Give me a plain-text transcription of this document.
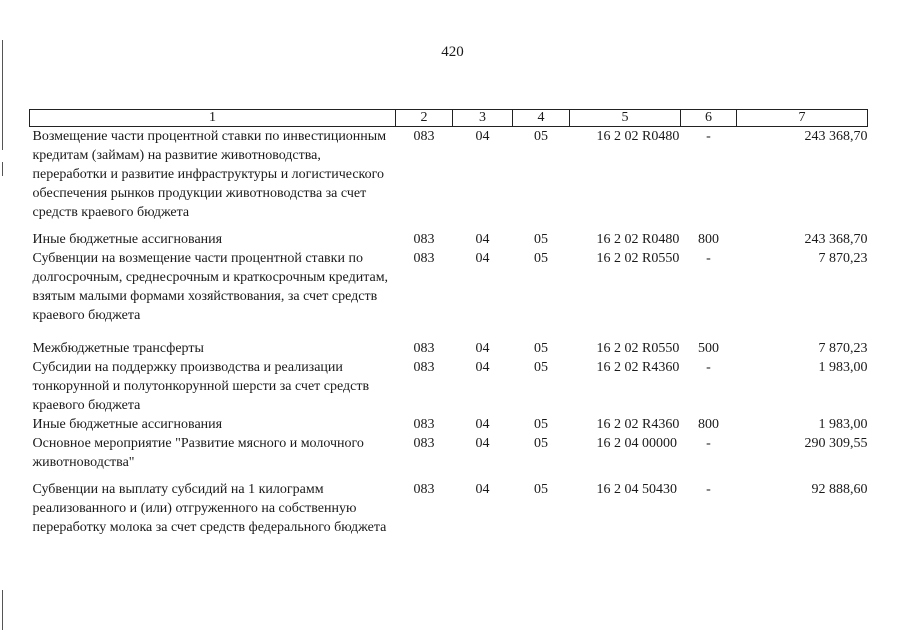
420
1	2	3	4	5	6	7
Возмещение части процентной ставки по инвестиционным кредитам (займам) на развитие животноводства, переработки и развитие инфраструктуры и логистического обеспечения рынков продукции животноводства за счет средств краевого бюджета	083	04	05	16 2 02 R0480	-	243 368,70

Иные бюджетные ассигнования	083	04	05	16 2 02 R0480	800	243 368,70
Субвенции на возмещение части процентной ставки по долгосрочным, среднесрочным и краткосрочным кредитам, взятым малыми формами хозяйствования, за счет средств краевого бюджета	083	04	05	16 2 02 R0550	-	7 870,23

Межбюджетные трансферты	083	04	05	16 2 02 R0550	500	7 870,23
Субсидии на поддержку производства и реализации тонкорунной и полутонкорунной шерсти за счет средств краевого бюджета	083	04	05	16 2 02 R4360	-	1 983,00
Иные бюджетные ассигнования	083	04	05	16 2 02 R4360	800	1 983,00
Основное мероприятие "Развитие мясного и молочного животноводства"	083	04	05	16 2 04 00000	-	290 309,55

Субвенции на выплату субсидий на 1 килограмм реализованного и (или) отгруженного на собственную переработку молока за счет средств федерального бюджета	083	04	05	16 2 04 50430	-	92 888,60
